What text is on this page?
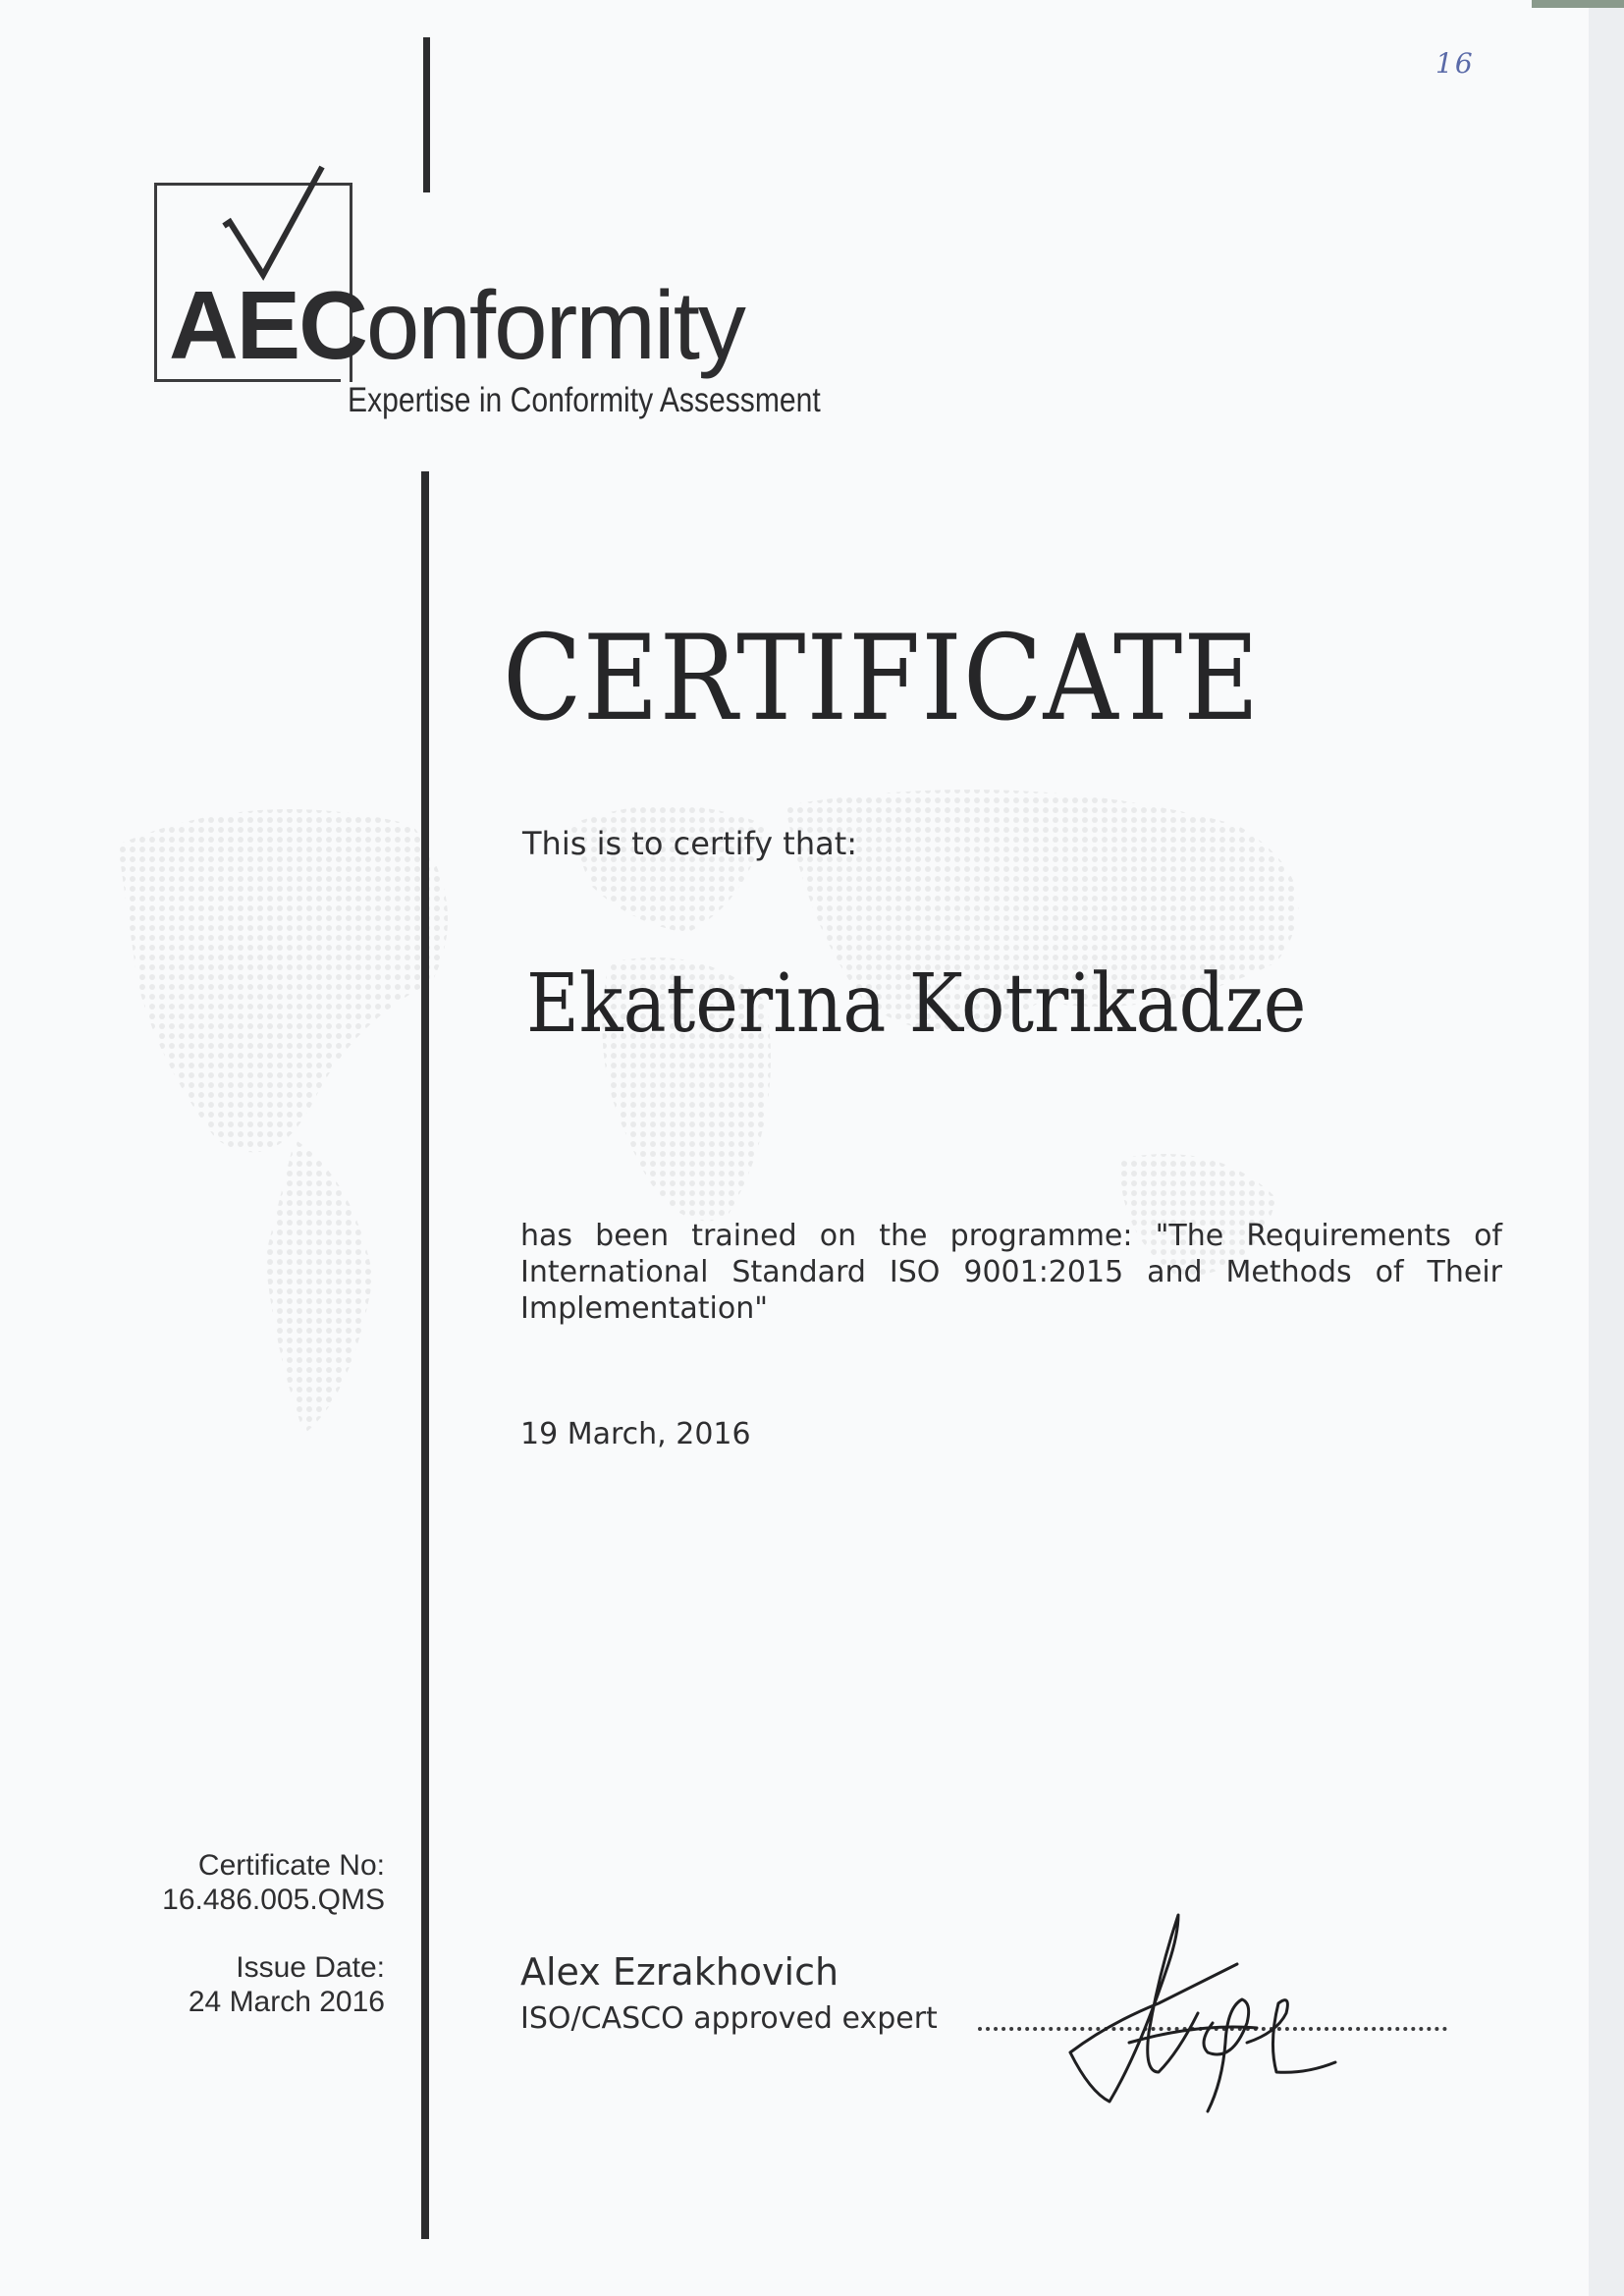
16
AEConformity
Expertise in Conformity Assessment
CERTIFICATE
This is to certify that:
Ekaterina Kotrikadze
has been trained on the programme: "The Requirements of International Standard ISO 9001:2015 and Methods of Their Implementation"
19 March, 2016
Certificate No:
16.486.005.QMS
Issue Date:
24 March 2016
Alex Ezrakhovich
ISO/CASCO approved expert
